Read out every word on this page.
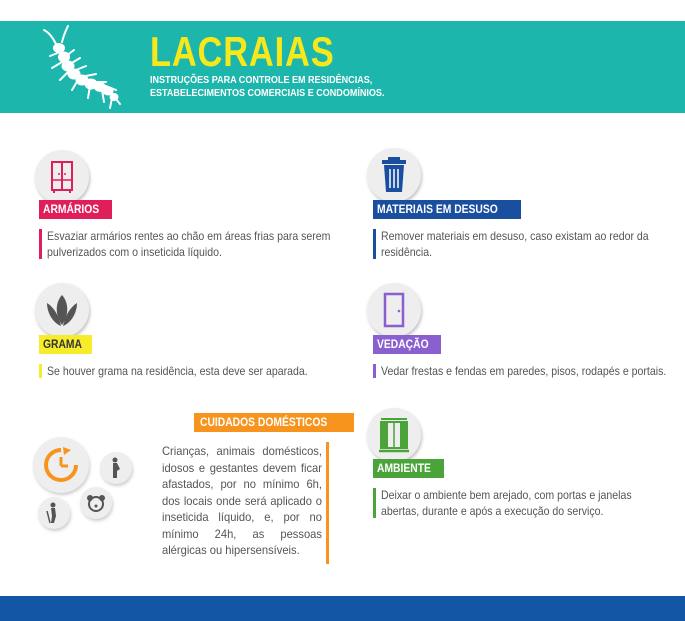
LACRAIAS
INSTRUÇÕES PARA CONTROLE EM RESIDÊNCIAS,
ESTABELECIMENTOS COMERCIAIS E CONDOMÍNIOS.
ARMÁRIOS
Esvaziar armários rentes ao chão em áreas frias para serem pulverizados com o inseticida líquido.
MATERIAIS EM DESUSO
Remover materiais em desuso, caso existam ao redor da residência.
GRAMA
Se houver grama na residência, esta deve ser aparada.
VEDAÇÃO
Vedar frestas e fendas em paredes, pisos, rodapés e portais.
AMBIENTE
Deixar o ambiente bem arejado, com portas e janelas abertas, durante e após a execução do serviço.
CUIDADOS DOMÉSTICOS
Crianças, animais domésticos, idosos e gestantes devem ficar afastados, por no mínimo 6h, dos locais onde será aplicado o inseticida líquido, e, por no mínimo 24h, as pessoas alérgicas ou hipersensíveis.
